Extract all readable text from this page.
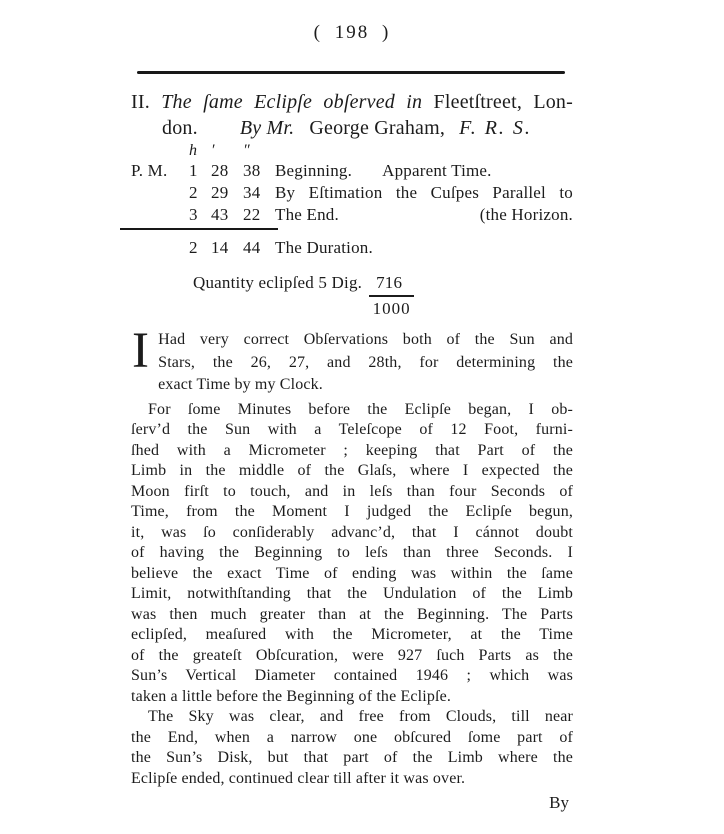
( 198 )
II. The ſame Eclipſe obſerved in Fleetſtreet, Lon-
don. By Mr. George Graham, F. R. S.
h ′	″
P. M.	1 28 38 Beginning. Apparent Time.
2 29 34 By Eſtimation the Cuſpes Parallel to
3 43 22 The End.	(the Horizon.
2 14 44 The Duration.
Quantity eclipſed 5 Dig. $\frac{716}{1000}$
I Had very correct Obſervations both of the Sun and
Stars, the 26, 27, and 28th, for determining the
exact Time by my Clock.
For ſome Minutes before the Eclipſe began, I ob-
ſerv’d the Sun with a Teleſcope of 12 Foot, furni-
ſhed with a Micrometer ; keeping that Part of the
Limb in the middle of the Glaſs, where I expected the
Moon firſt to touch, and in leſs than four Seconds of
Time, from the Moment I judged the Eclipſe begun,
it, was ſo conſiderably advanc’d, that I cánnot doubt
of having the Beginning to leſs than three Seconds. I
believe the exact Time of ending was within the ſame
Limit, notwithſtanding that the Undulation of the Limb
was then much greater than at the Beginning. The Parts
eclipſed, meaſured with the Micrometer, at the Time
of the greateſt Obſcuration, were 927 ſuch Parts as the
Sun’s Vertical Diameter contained 1946 ; which was
taken a little before the Beginning of the Eclipſe.
The Sky was clear, and free from Clouds, till near
the End, when a narrow one obſcured ſome part of
the Sun’s Disk, but that part of the Limb where the
Eclipſe ended, continued clear till after it was over.
By
